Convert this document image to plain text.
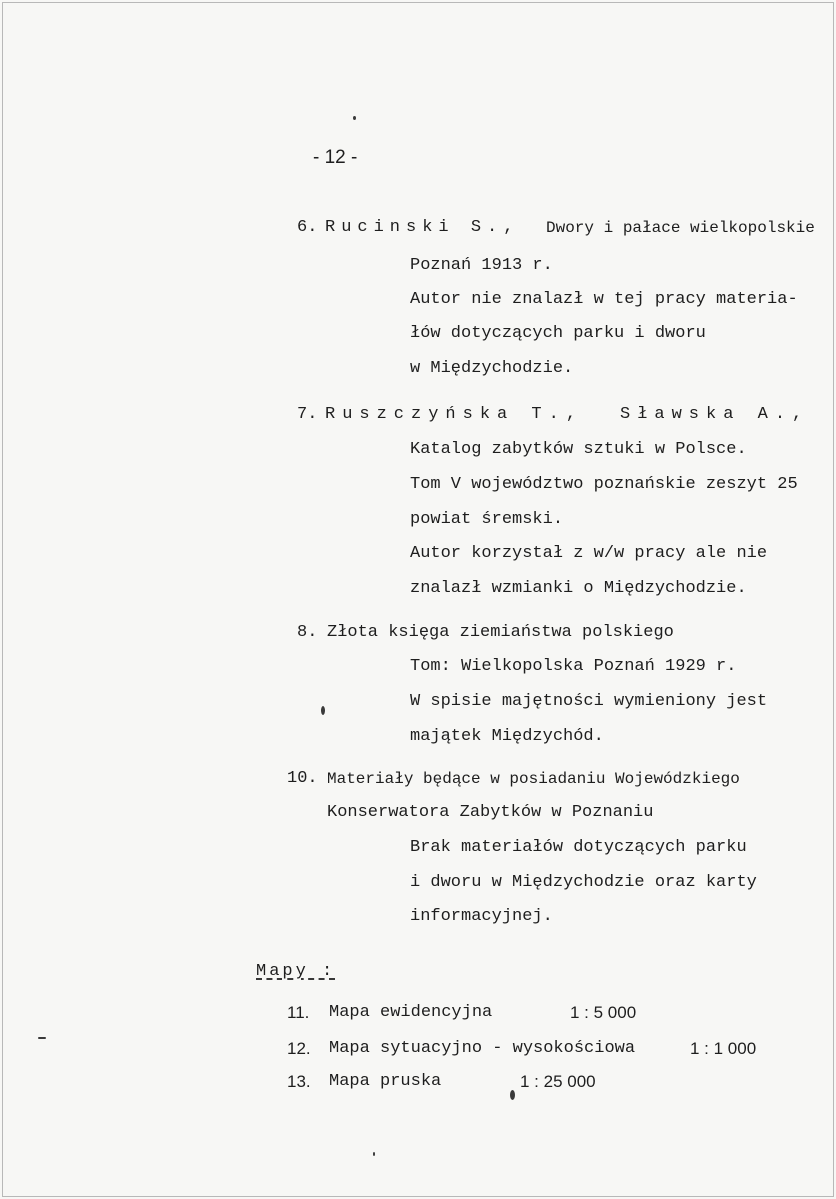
- 12 -
6. Rucinski S., Dwory i pałace wielkopolskie
Poznań 1913 r.
Autor nie znalazł w tej pracy materia-
łów dotyczących parku i dworu
w Międzychodzie.
7. Ruszczyńska T., Sławska A.,
Katalog zabytków sztuki w Polsce.
Tom V województwo poznańskie zeszyt 25
powiat śremski.
Autor korzystał z w/w pracy ale nie
znalazł wzmianki o Międzychodzie.
8. Złota księga ziemiaństwa polskiego
Tom: Wielkopolska Poznań 1929 r.
W spisie majętności wymieniony jest
majątek Międzychód.
10. Materiały będące w posiadaniu Wojewódzkiego
Konserwatora Zabytków w Poznaniu
Brak materiałów dotyczących parku
i dworu w Międzychodzie oraz karty
informacyjnej.
Mapy :
11. Mapa ewidencyjna	1 : 5 000
12. Mapa sytuacyjno - wysokościowa	1 : 1 000
13. Mapa pruska	1 : 25 000
